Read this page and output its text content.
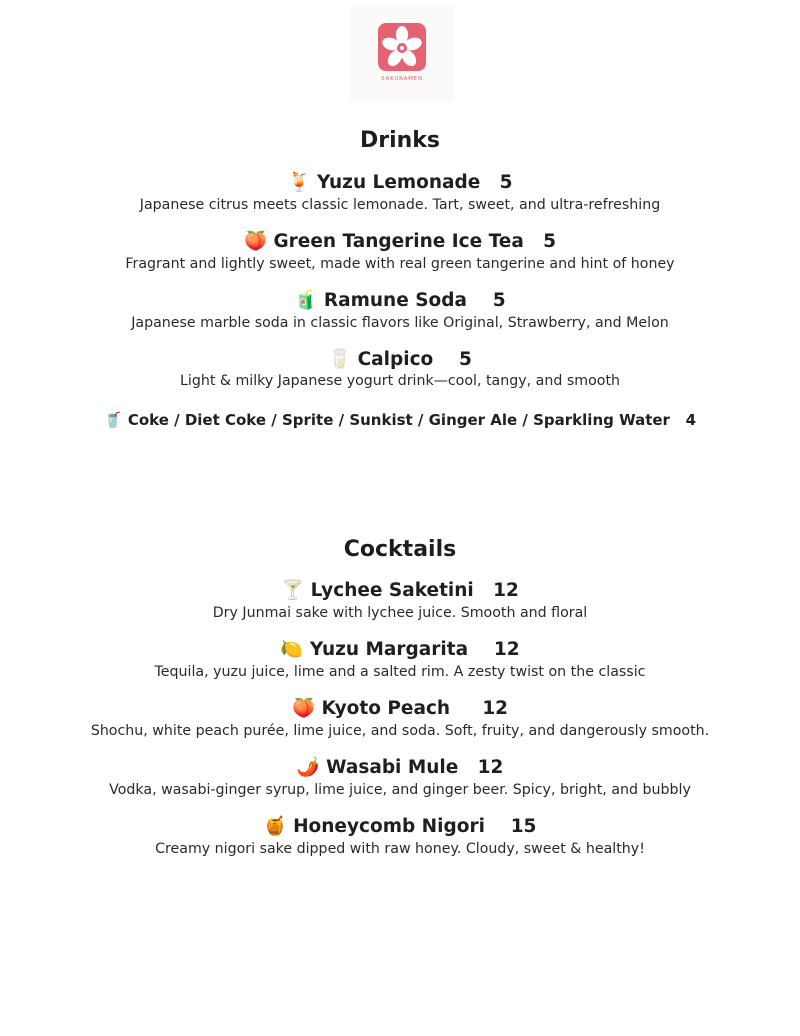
SAKURAMEN
Drinks
🍹 Yuzu Lemonade 5
Japanese citrus meets classic lemonade. Tart, sweet, and ultra-refreshing
🍑 Green Tangerine Ice Tea 5
Fragrant and lightly sweet, made with real green tangerine and hint of honey
🧃 Ramune Soda 5
Japanese marble soda in classic flavors like Original, Strawberry, and Melon
🥛 Calpico 5
Light & milky Japanese yogurt drink—cool, tangy, and smooth
🥤 Coke / Diet Coke / Sprite / Sunkist / Ginger Ale / Sparkling Water 4
Cocktails
🍸 Lychee Saketini 12
Dry Junmai sake with lychee juice. Smooth and floral
🍋 Yuzu Margarita 12
Tequila, yuzu juice, lime and a salted rim. A zesty twist on the classic
🍑 Kyoto Peach 12
Shochu, white peach purée, lime juice, and soda. Soft, fruity, and dangerously smooth.
🌶️ Wasabi Mule 12
Vodka, wasabi-ginger syrup, lime juice, and ginger beer. Spicy, bright, and bubbly
🍯 Honeycomb Nigori 15
Creamy nigori sake dipped with raw honey. Cloudy, sweet & healthy!
